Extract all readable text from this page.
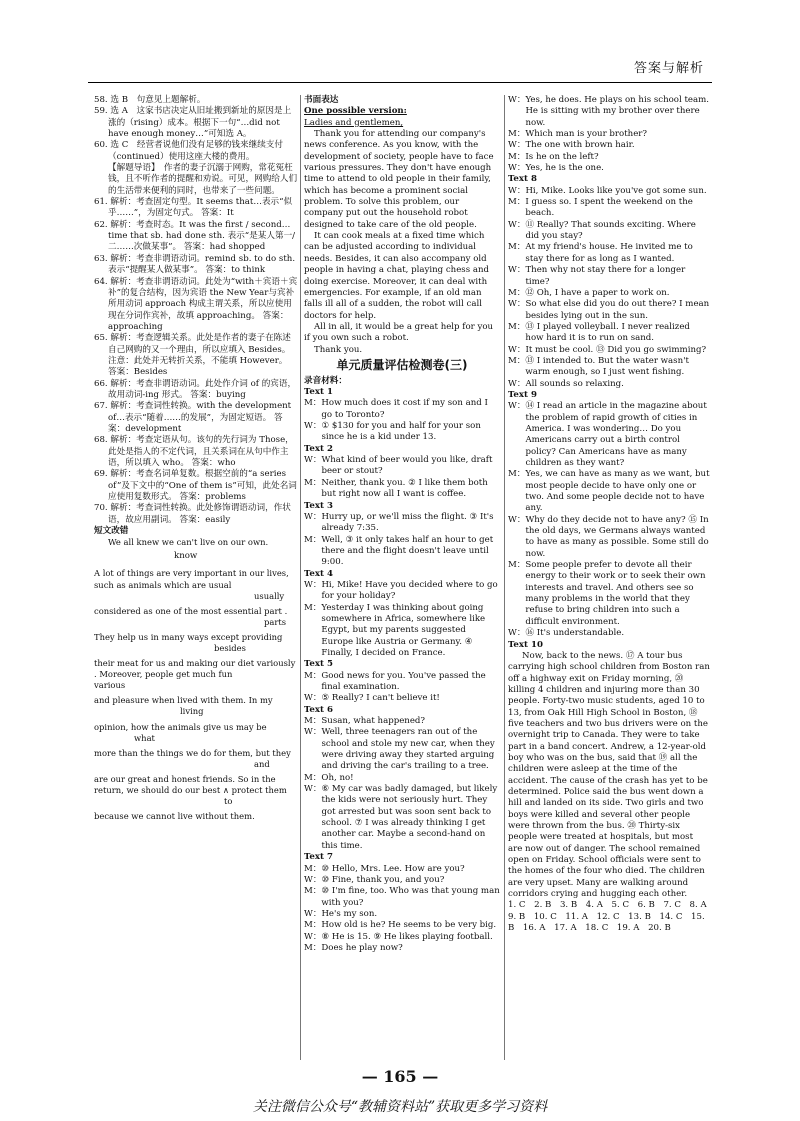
答案与解析

58. 选 B　句意见上题解析。

59. 选 A　这家书店决定从旧址搬到新址的原因是上涨的（rising）成本。根据下一句“…did not have enough money…”可知选 A。

60. 选 C　经营者说他们没有足够的钱来继续支付（continued）使用这座大楼的费用。

【解题导语】　作者的妻子沉溺于网购，常花冤枉钱，且不听作者的提醒和劝说。可见，网购给人们的生活带来便利的同时，也带来了一些问题。

61. 解析：考查固定句型。It seems that…表示“似乎……”，为固定句式。 答案：It

62. 解析：考查时态。It was the first / second…time that sb. had done sth. 表示“是某人第一/二……次做某事”。 答案：had shopped

63. 解析：考查非谓语动词。remind sb. to do sth. 表示“提醒某人做某事”。 答案：to think

64. 解析：考查非谓语动词。此处为“with＋宾语＋宾补”的复合结构，因为宾语 the New Year与宾补所用动词 approach 构成主谓关系，所以应使用现在分词作宾补，故填 approaching。 答案：approaching

65. 解析：考查逻辑关系。此处是作者的妻子在陈述自己网购的又一个理由，所以应填入 Besides。注意：此处并无转折关系，不能填 However。 答案：Besides

66. 解析：考查非谓语动词。此处作介词 of 的宾语，故用动词-ing 形式。 答案：buying

67. 解析：考查词性转换。with the development of…表示“随着……的发展”，为固定短语。 答案：development

68. 解析：考查定语从句。该句的先行词为 Those，此处是指人的不定代词，且关系词在从句中作主语，所以填入 who。 答案：who

69. 解析：考查名词单复数。根据空前的“a series of”及下文中的“One of them is”可知，此处名词应使用复数形式。 答案：problems

70. 解析：考查词性转换。此处修饰谓语动词，作状语，故应用副词。 答案：easily

短文改错

We all knew we can't live on our own.
know
A lot of things are very important in our lives, such as animals which are usual
usually
considered as one of the most essential part .
parts
They help us in many ways except providing
besides
their meat for us and making our diet variously . Moreover, people get much fun
various
and pleasure when lived with them. In my
living
opinion, how the animals give us may be
what
more than the things we do for them, but they
and
are our great and honest friends. So in the return, we should do our best ∧ protect them
to
because we cannot live without them.

书面表达

One possible version:

Ladies and gentlemen,

Thank you for attending our company's news conference. As you know, with the development of society, people have to face various pressures. They don't have enough time to attend to old people in their family, which has become a prominent social problem. To solve this problem, our company put out the household robot designed to take care of the old people.

It can cook meals at a fixed time which can be adjusted according to individual needs. Besides, it can also accompany old people in having a chat, playing chess and doing exercise. Moreover, it can deal with emergencies. For example, if an old man falls ill all of a sudden, the robot will call doctors for help.

All in all, it would be a great help for you if you own such a robot.

Thank you.

单元质量评估检测卷(三)

录音材料：

Text 1

M： How much does it cost if my son and I go to Toronto?
W： ① $130 for you and half for your son since he is a kid under 13.

Text 2

W： What kind of beer would you like, draft beer or stout?
M： Neither, thank you. ② I like them both but right now all I want is coffee.

Text 3

W： Hurry up, or we'll miss the flight. ③ It's already 7:35.
M： Well, ③ it only takes half an hour to get there and the flight doesn't leave until 9:00.

Text 4

W： Hi, Mike! Have you decided where to go for your holiday?
M： Yesterday I was thinking about going somewhere in Africa, somewhere like Egypt, but my parents suggested Europe like Austria or Germany. ④ Finally, I decided on France.

Text 5

M： Good news for you. You've passed the final examination.
W： ⑤ Really? I can't believe it!

Text 6

M： Susan, what happened?
W： Well, three teenagers ran out of the school and stole my new car, when they were driving away they started arguing and driving the car's trailing to a tree.
M： Oh, no!
W： ⑥ My car was badly damaged, but likely the kids were not seriously hurt. They got arrested but was soon sent back to school. ⑦ I was already thinking I get another car. Maybe a second-hand on this time.

Text 7

M： ⑩ Hello, Mrs. Lee. How are you?
W： ⑩ Fine, thank you, and you?
M： ⑩ I'm fine, too. Who was that young man with you?
W： He's my son.
M： How old is he? He seems to be very big.
W： ⑧ He is 15. ⑨ He likes playing football.
M： Does he play now?
W： Yes, he does. He plays on his school team. He is sitting with my brother over there now.
M： Which man is your brother?
W： The one with brown hair.
M： Is he on the left?
W： Yes, he is the one.

Text 8

W： Hi, Mike. Looks like you've got some sun.
M： I guess so. I spent the weekend on the beach.
W： ⑪ Really? That sounds exciting. Where did you stay?
M： At my friend's house. He invited me to stay there for as long as I wanted.
W： Then why not stay there for a longer time?
M： ⑫ Oh, I have a paper to work on.
W： So what else did you do out there? I mean besides lying out in the sun.
M： ⑬ I played volleyball. I never realized how hard it is to run on sand.
W： It must be cool. ⑬ Did you go swimming?
M： ⑬ I intended to. But the water wasn't warm enough, so I just went fishing.
W： All sounds so relaxing.

Text 9

W： ⑭ I read an article in the magazine about the problem of rapid growth of cities in America. I was wondering… Do you Americans carry out a birth control policy? Can Americans have as many children as they want?
M： Yes, we can have as many as we want, but most people decide to have only one or two. And some people decide not to have any.
W： Why do they decide not to have any? ⑮ In the old days, we Germans always wanted to have as many as possible. Some still do now.
M： Some people prefer to devote all their energy to their work or to seek their own interests and travel. And others see so many problems in the world that they refuse to bring children into such a difficult environment.
W： ⑯ It's understandable.

Text 10

Now, back to the news. ⑰ A tour bus carrying high school children from Boston ran off a highway exit on Friday morning, ⑳ killing 4 children and injuring more than 30 people. Forty-two music students, aged 10 to 13, from Oak Hill High School in Boston, ⑱ five teachers and two bus drivers were on the overnight trip to Canada. They were to take part in a band concert. Andrew, a 12-year-old boy who was on the bus, said that ⑲ all the children were asleep at the time of the accident. The cause of the crash has yet to be determined. Police said the bus went down a hill and landed on its side. Two girls and two boys were killed and several other people were thrown from the bus. ⑳ Thirty-six people were treated at hospitals, but most are now out of danger. The school remained open on Friday. School officials were sent to the homes of the four who died. The children are very upset. Many are walking around corridors crying and hugging each other.

1. C　2. B　3. B　4. A　5. C　6. B　7. C　8. A　9. B　10. C　11. A　12. C　13. B　14. C　15. B　16. A　17. A　18. C　19. A　20. B

— 165 —
关注微信公众号“教辅资料站”获取更多学习资料
